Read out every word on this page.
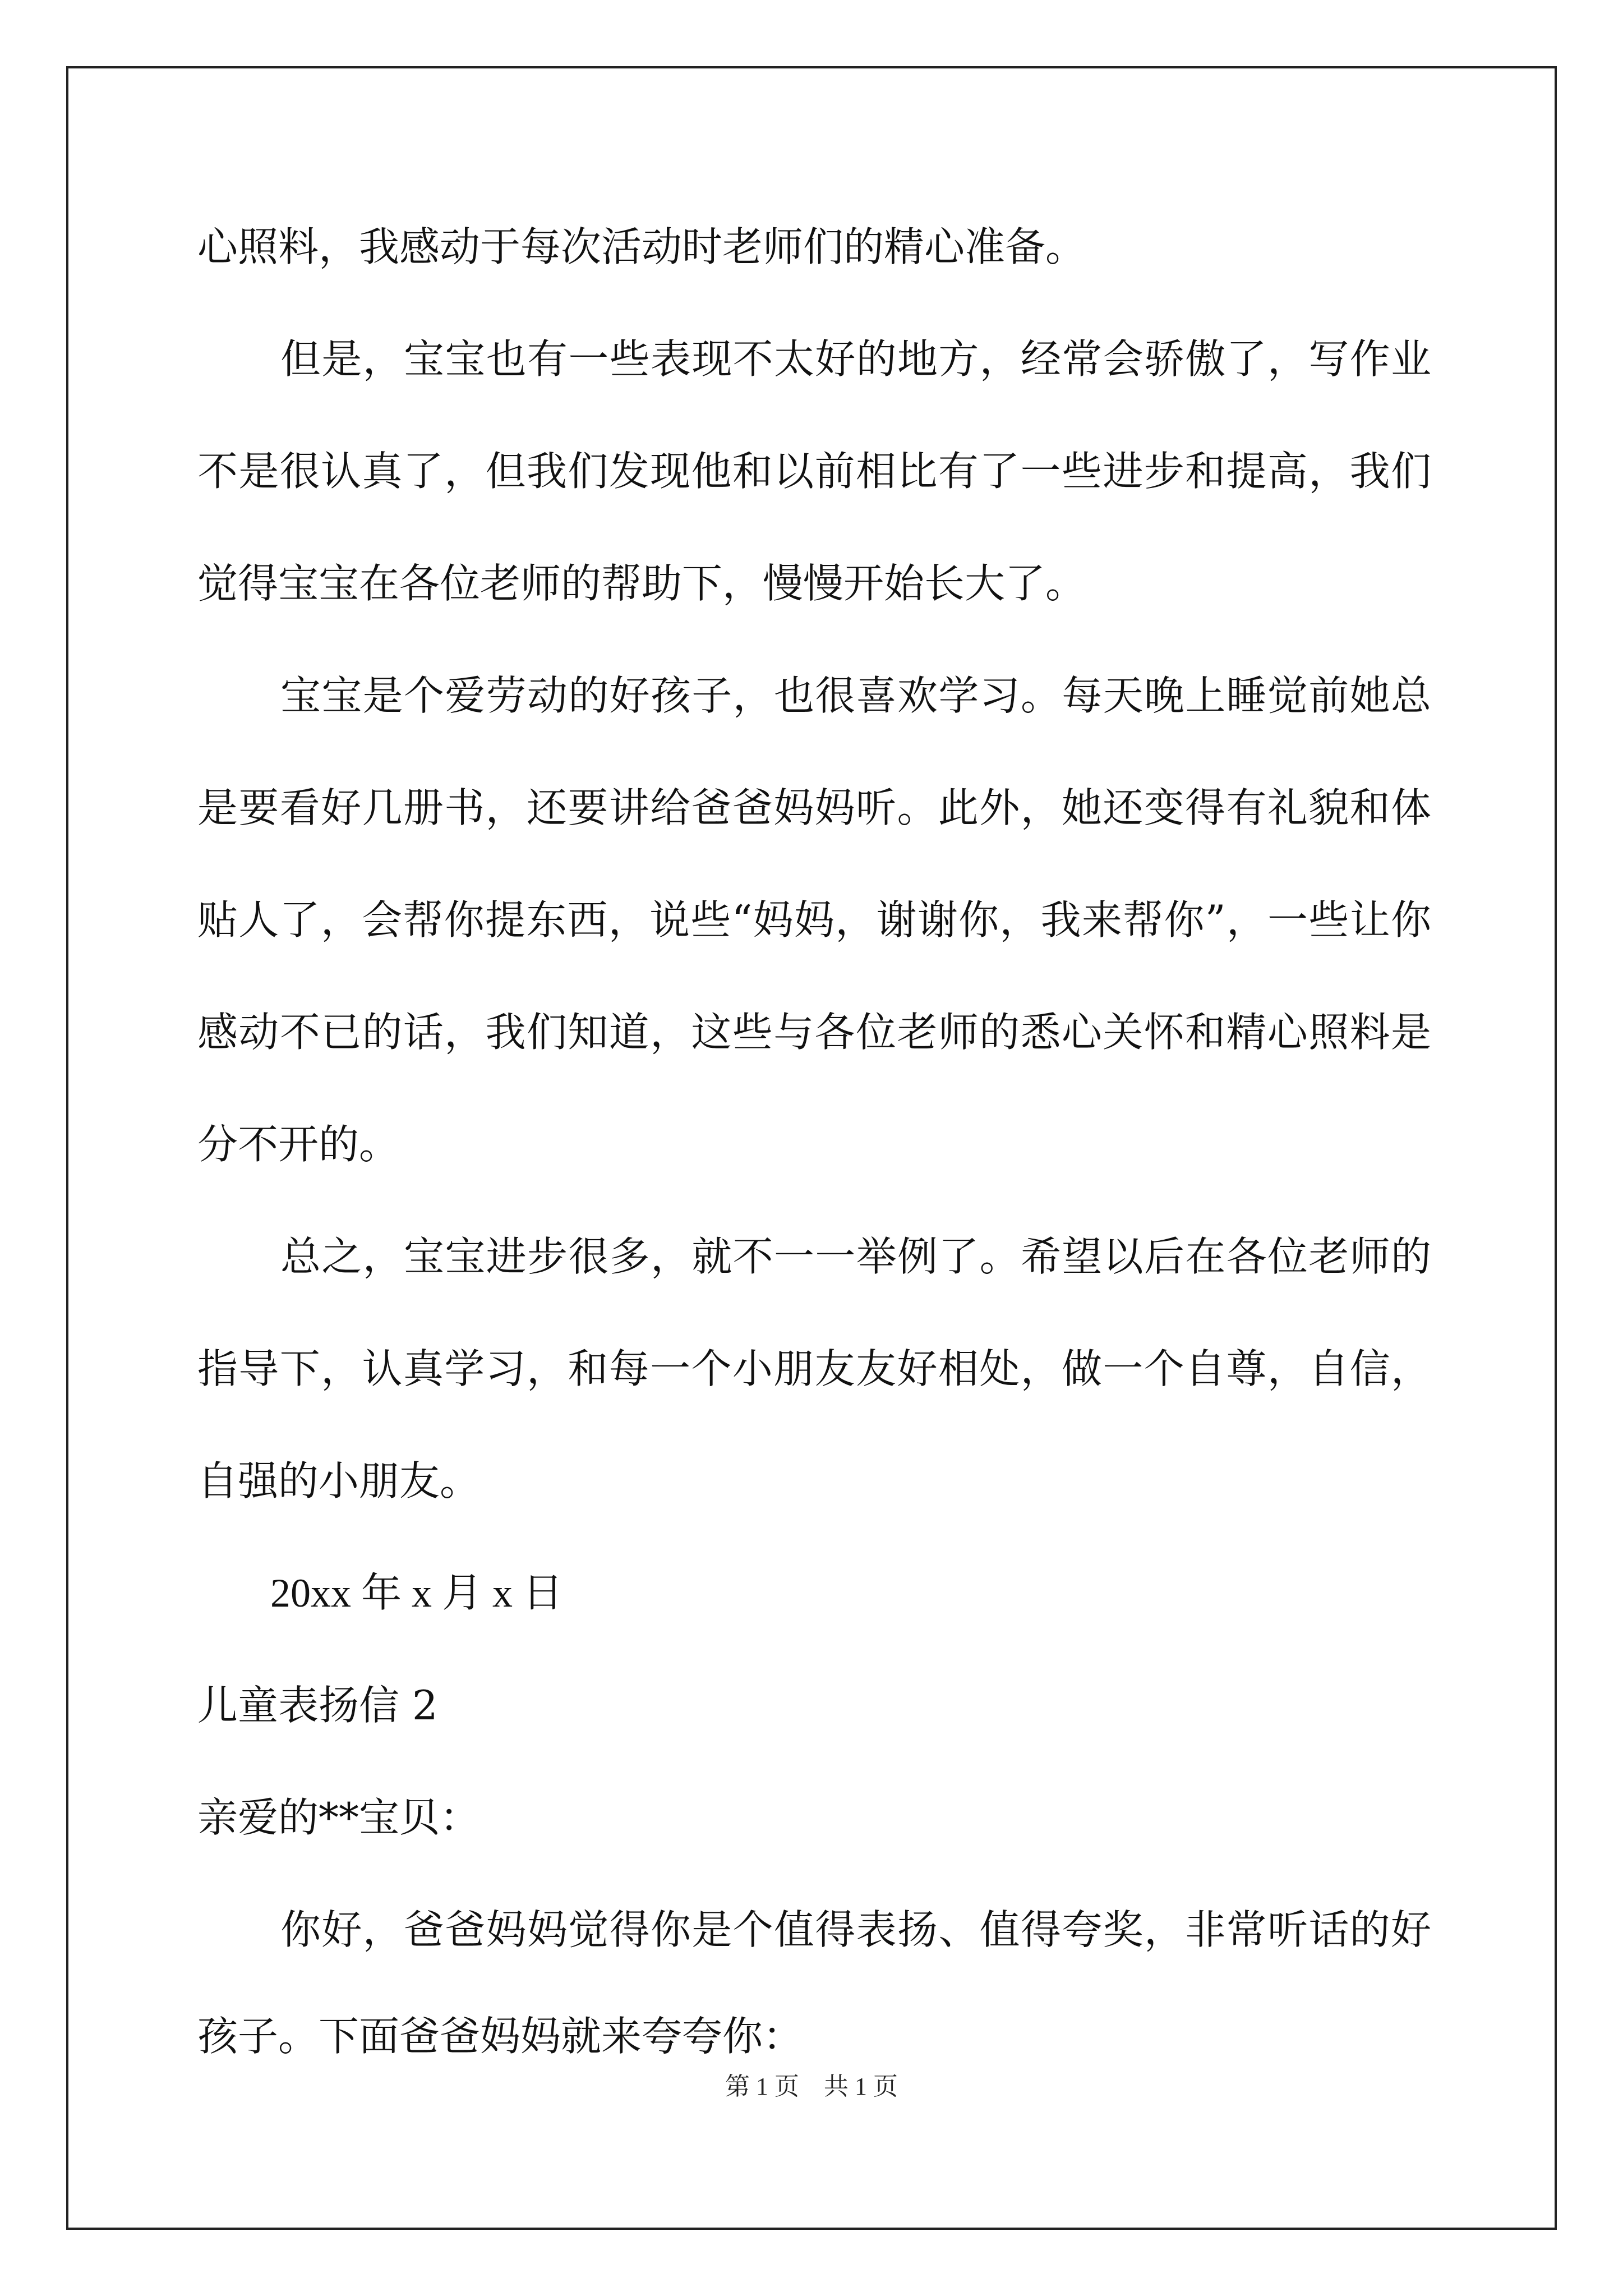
心照料，我感动于每次活动时老师们的精心准备。
但是，宝宝也有一些表现不太好的地方，经常会骄傲了，写作业
不是很认真了，但我们发现他和以前相比有了一些进步和提高，我们
觉得宝宝在各位老师的帮助下，慢慢开始长大了。
宝宝是个爱劳动的好孩子，也很喜欢学习。每天晚上睡觉前她总
是要看好几册书，还要讲给爸爸妈妈听。此外，她还变得有礼貌和体
贴人了，会帮你提东西，说些“妈妈，谢谢你，我来帮你”，一些让你
感动不已的话，我们知道，这些与各位老师的悉心关怀和精心照料是
分不开的。
总之，宝宝进步很多，就不一一举例了。希望以后在各位老师的
指导下，认真学习，和每一个小朋友友好相处，做一个自尊，自信，
自强的小朋友。
20xx 年 x 月 x 日
儿童表扬信 2
亲爱的**宝贝：
你好，爸爸妈妈觉得你是个值得表扬、值得夸奖，非常听话的好
孩子。下面爸爸妈妈就来夸夸你：
第 1 页　共 1 页
